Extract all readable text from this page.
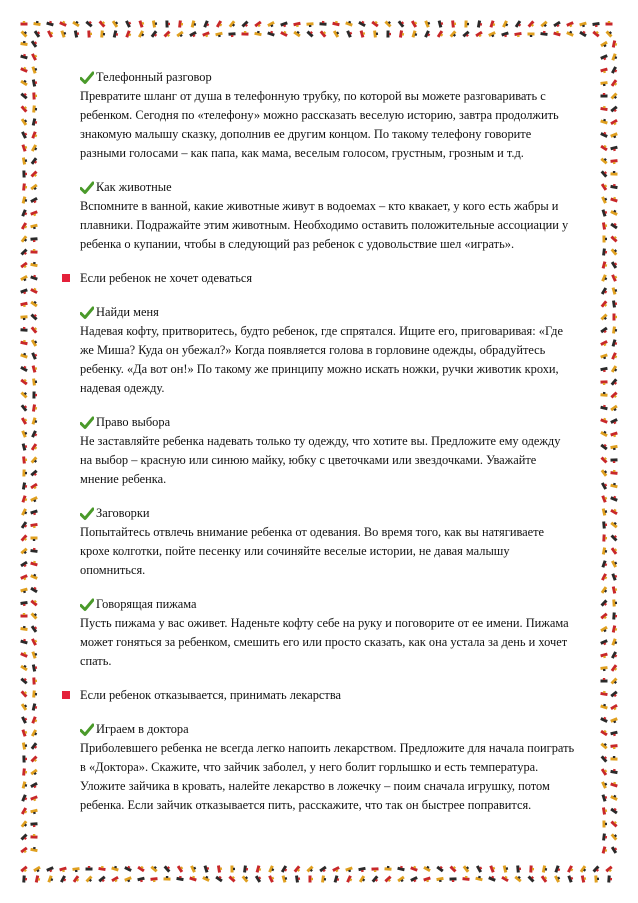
Телефонный разговор

Превратите шланг от душа в телефонную трубку, по которой вы можете разговаривать с
ребенком. Сегодня по «телефону» можно рассказать веселую историю, завтра продолжить
знакомую малышу сказку, дополнив ее другим концом. По такому телефону говорите
разными голосами – как папа, как мама, веселым голосом, грустным, грозным и т.д.

Как животные

Вспомните в ванной, какие животные живут в водоемах – кто квакает, у кого есть жабры и
плавники. Подражайте этим животным. Необходимо оставить положительные ассоциации у
ребенка о купании, чтобы в следующий раз ребенок с удовольствие шел «играть».

Если ребенок не хочет одеваться
Найди меня

Надевая кофту, притворитесь, будто ребенок, где спрятался. Ищите его, приговаривая: «Где
же Миша? Куда он убежал?» Когда появляется голова в горловине одежды, обрадуйтесь
ребенку. «Да вот он!» По такому же принципу можно искать ножки, ручки животик крохи,
надевая одежду.

Право выбора

Не заставляйте ребенка надевать только ту одежду, что хотите вы. Предложите ему одежду
на выбор – красную или синюю майку, юбку с цветочками или звездочками. Уважайте
мнение ребенка.

Заговорки

Попытайтесь отвлечь внимание ребенка от одевания. Во время того, как вы натягиваете
крохе колготки, пойте песенку или сочиняйте веселые истории, не давая малышу
опомниться.

Говорящая пижама

Пусть пижама у вас оживет. Наденьте кофту себе на руку и поговорите от ее имени. Пижама
может гоняться за ребенком, смешить его или просто сказать, как она устала за день и хочет
спать.

Если ребенок отказывается, принимать лекарства
Играем в доктора

Приболевшего ребенка не всегда легко напоить лекарством. Предложите для начала поиграть
в «Доктора». Скажите, что зайчик заболел, у него болит горлышко и есть температура.
Уложите зайчика в кровать, налейте лекарство в ложечку – поим сначала игрушку, потом
ребенка. Если зайчик отказывается пить, расскажите, что так он быстрее поправится.
